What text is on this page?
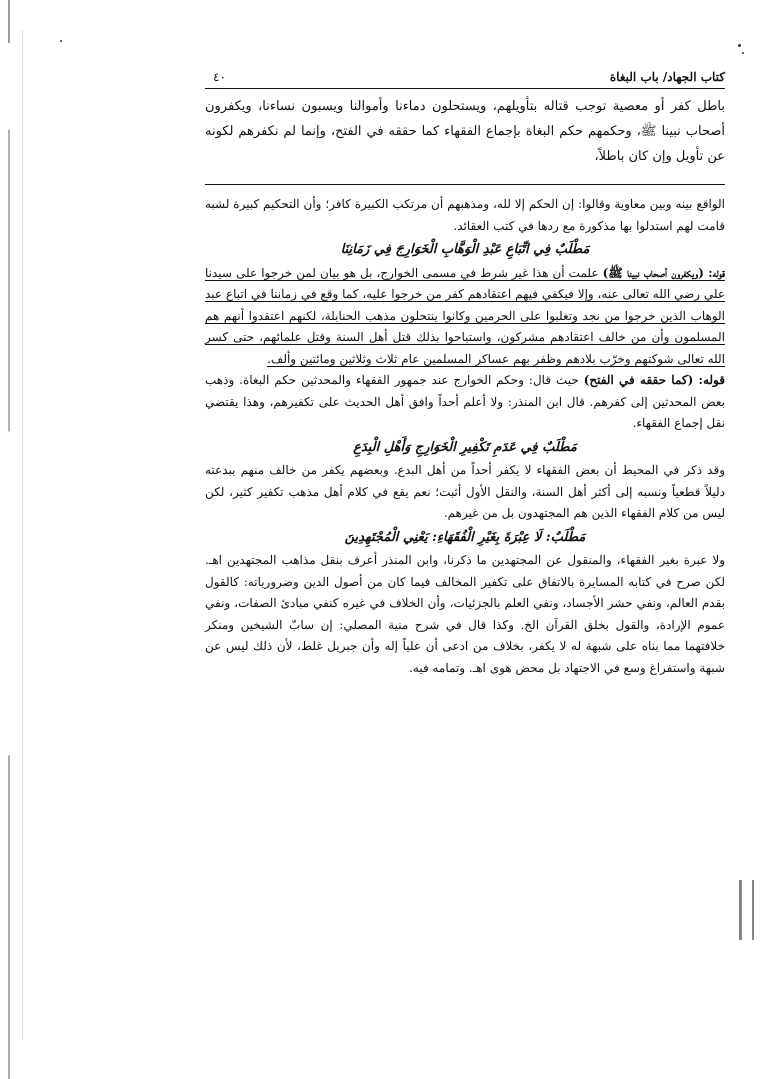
كتاب الجهاد/ باب البغاة
٤٠
باطل كفر أو معصية توجب قتاله بتأويلهم، ويستحلون دماءنا وأموالنا ويسبون نساءنا، ويكفرون أصحاب نبينا ﷺ، وحكمهم حكم البغاة بإجماع الفقهاء كما حققه في الفتح، وإنما لم نكفرهم لكونه عن تأويل وإن كان باطلاً،

الواقع بينه وبين معاوية وقالوا: إن الحكم إلا لله، ومذهبهم أن مرتكب الكبيرة كافر؛ وأن التحكيم كبيرة لشبه قامت لهم استدلوا بها مذكورة مع ردها في كتب العقائد.

مَطْلَبٌ فِي اتِّبَاعِ عَبْدِ الْوَهَّابِ الْخَوَارِجَ فِي زَمَانِنَا

قوله: (ويكفرون أصحاب نبينا ﷺ) علمت أن هذا غير شرط في مسمى الخوارج، بل هو بيان لمن خرجوا على سيدنا علي رضي الله تعالى عنه، وإلا فيكفي فيهم اعتقادهم كفر من خرجوا عليه، كما وقع في زماننا في اتباع عبد الوهاب الذين خرجوا من نجد وتغلبوا على الحرمين وكانوا ينتحلون مذهب الحنابلة، لكنهم اعتقدوا أنهم هم المسلمون وأن من خالف اعتقادهم مشركون، واستباحوا بذلك قتل أهل السنة وقتل علمائهم، حتى كسر الله تعالى شوكتهم وخرّب بلادهم وظفر بهم عساكر المسلمين عام ثلاث وثلاثين ومائتين وألف.

قوله: (كما حققه في الفتح) حيث قال: وحكم الخوارج عند جمهور الفقهاء والمحدثين حكم البغاة. وذهب بعض المحدثين إلى كفرهم. قال ابن المنذر: ولا أعلم أحداً وافق أهل الحديث على تكفيرهم، وهذا يقتضي نقل إجماع الفقهاء.

مَطْلَبٌ فِي عَدَمِ تَكْفِيرِ الْخَوَارِجِ وَأَهْلِ الْبِدَعِ

وقد ذكر في المحيط أن بعض الفقهاء لا يكفر أحداً من أهل البدع. وبعضهم يكفر من خالف منهم ببدعته دليلاً قطعياً ونسبه إلى أكثر أهل السنة، والنقل الأول أثبت؛ نعم يقع في كلام أهل مذهب تكفير كثير، لكن ليس من كلام الفقهاء الذين هم المجتهدون بل من غيرهم.

مَطْلَبٌ: لَا عِبْرَةَ بِغَيْرِ الْفُقَهَاءِ: يَعْنِي الْمُجْتَهِدِينَ

ولا عبرة بغير الفقهاء، والمنقول عن المجتهدين ما ذكرنا، وابن المنذر أعرف بنقل مذاهب المجتهدين اهـ. لكن صرح في كتابه المسايرة بالاتفاق على تكفير المخالف فيما كان من أصول الدين وضرورياته: كالقول بقدم العالم، ونفي حشر الأجساد، ونفي العلم بالجزئيات، وأن الخلاف في غيره كنفي مبادئ الصفات، ونفي عموم الإرادة، والقول بخلق القرآن الخ. وكذا قال في شرح منية المصلي: إن سابّ الشيخين ومنكر خلافتهما مما بناه على شبهة له لا يكفر، بخلاف من ادعى أن علياً إله وأن جبريل غلط، لأن ذلك ليس عن شبهة واستفراغ وسع في الاجتهاد بل محض هوى اهـ. وتمامه فيه.
